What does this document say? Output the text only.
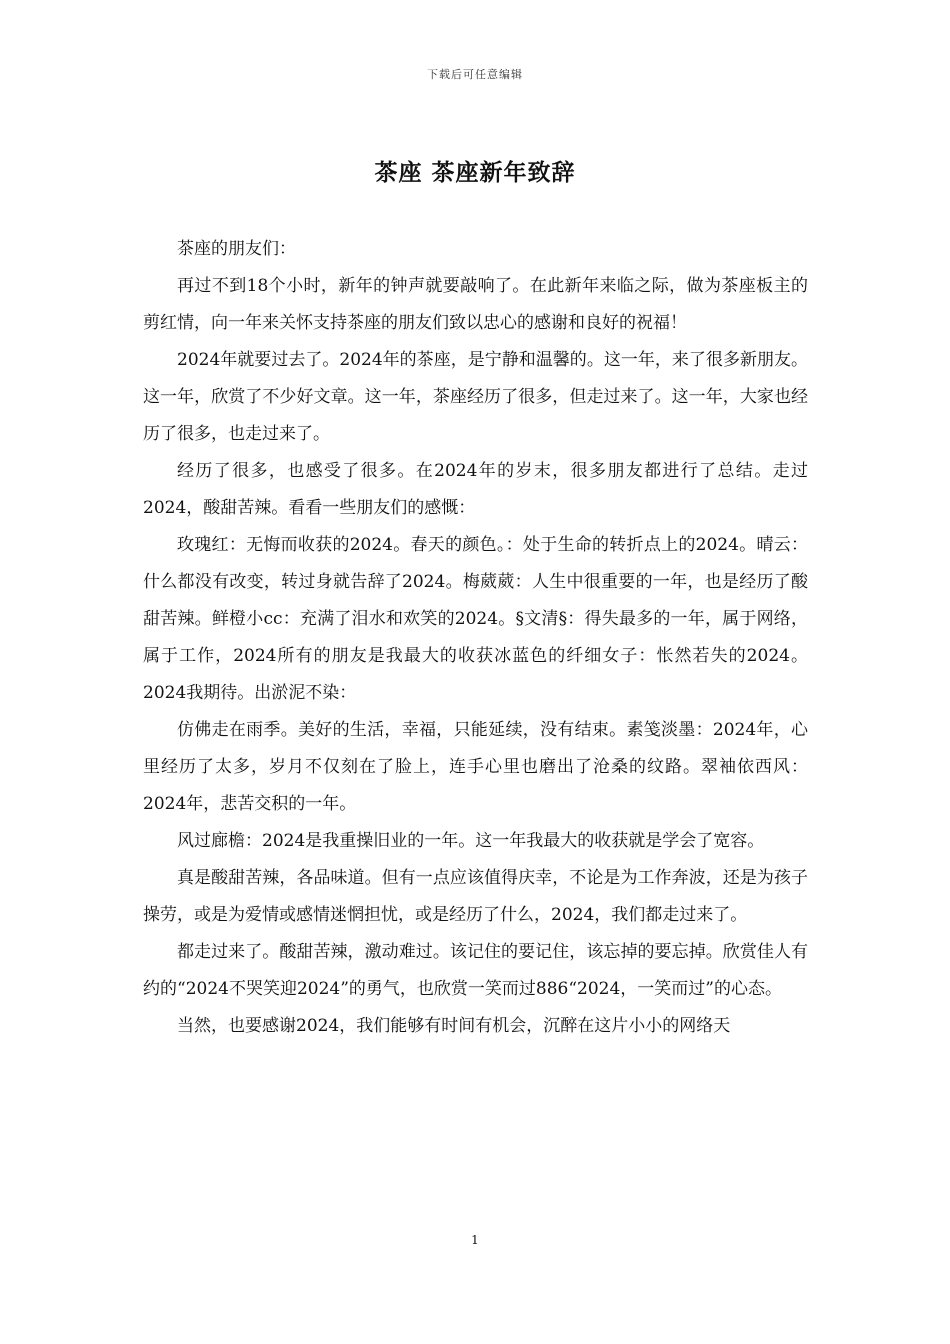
下载后可任意编辑
茶座 茶座新年致辞

茶座的朋友们：

再过不到18个小时，新年的钟声就要敲响了。在此新年来临之际，做为茶座板主的剪红情，向一年来关怀支持茶座的朋友们致以忠心的感谢和良好的祝福！

2024年就要过去了。2024年的茶座，是宁静和温馨的。这一年，来了很多新朋友。这一年，欣赏了不少好文章。这一年，茶座经历了很多，但走过来了。这一年，大家也经历了很多，也走过来了。

经历了很多，也感受了很多。在2024年的岁末，很多朋友都进行了总结。走过2024，酸甜苦辣。看看一些朋友们的感慨：

玫瑰红：无悔而收获的2024。春天的颜色。：处于生命的转折点上的2024。晴云：什么都没有改变，转过身就告辞了2024。梅葳葳：人生中很重要的一年，也是经历了酸甜苦辣。鲜橙小cc：充满了泪水和欢笑的2024。§文清§：得失最多的一年，属于网络，属于工作，2024所有的朋友是我最大的收获冰蓝色的纤细女子：怅然若失的2024。2024我期待。出淤泥不染：

仿佛走在雨季。美好的生活，幸福，只能延续，没有结束。素笺淡墨：2024年，心里经历了太多，岁月不仅刻在了脸上，连手心里也磨出了沧桑的纹路。翠袖依西风：2024年，悲苦交积的一年。

风过廊檐：2024是我重操旧业的一年。这一年我最大的收获就是学会了宽容。

真是酸甜苦辣，各品味道。但有一点应该值得庆幸，不论是为工作奔波，还是为孩子操劳，或是为爱情或感情迷惘担忧，或是经历了什么，2024，我们都走过来了。

都走过来了。酸甜苦辣，激动难过。该记住的要记住，该忘掉的要忘掉。欣赏佳人有约的“2024不哭笑迎2024”的勇气，也欣赏一笑而过886“2024，一笑而过”的心态。

当然，也要感谢2024，我们能够有时间有机会，沉醉在这片小小的网络天

1
